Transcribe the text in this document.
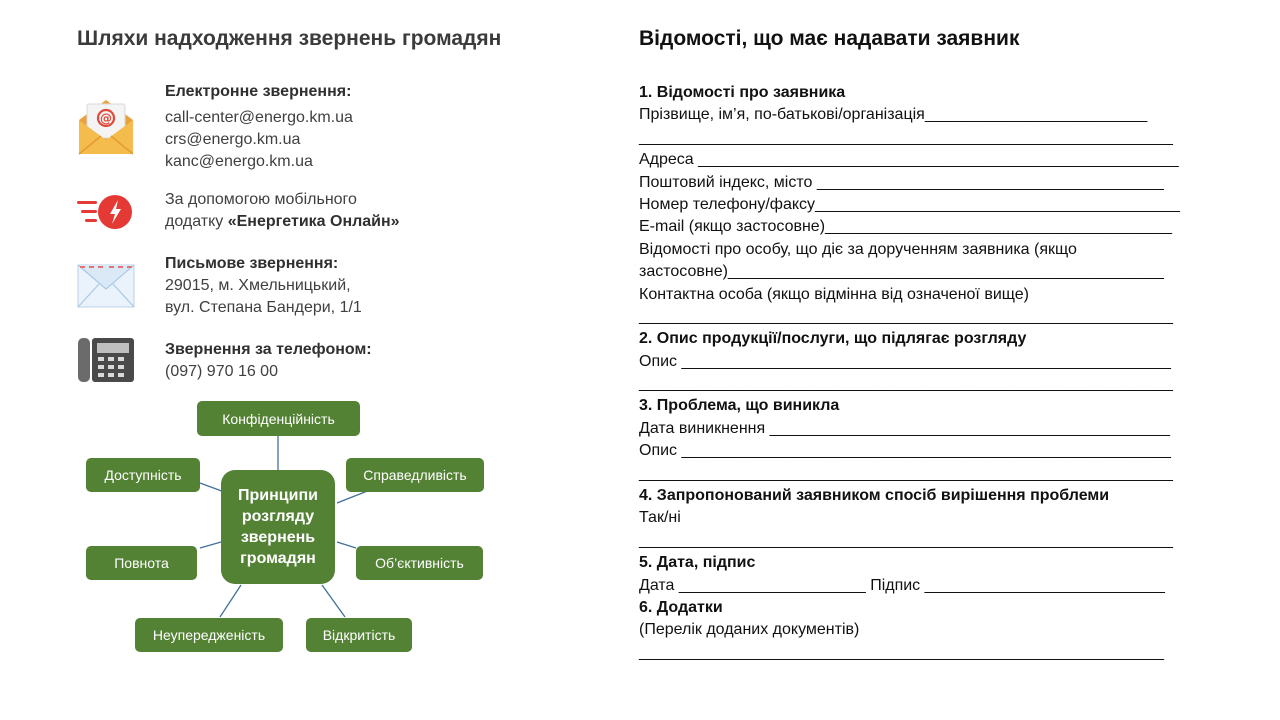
Шляхи надходження звернень громадян
@
Електронне звернення:
call-center@energo.km.ua
crs@energo.km.ua
kanc@energo.km.ua
За допомогою мобільного
додатку «Енергетика Онлайн»
Письмове звернення:
29015, м. Хмельницький,
вул. Степана Бандери, 1/1
Звернення за телефоном:
(097) 970 16 00
Принципи
розгляду
звернень
громадян
Конфіденційність
Справедливість
Об’єктивність
Відкритість
Неупередженість
Повнота
Доступність
Відомості, що має надавати заявник
1. Відомості про заявника
Прізвище, ім’я, по-батькові/організація_________________________
____________________________________________________________
Адреса ______________________________________________________
Поштовий індекс, місто _______________________________________
Номер телефону/факсу_________________________________________
E-mail (якщо застосовне)_______________________________________
Відомості про особу, що діє за дорученням заявника (якщо
застосовне)_________________________________________________
Контактна особа (якщо відмінна від означеної вище)
____________________________________________________________
2. Опис продукції/послуги, що підлягає розгляду
Опис _______________________________________________________
____________________________________________________________
3. Проблема, що виникла
Дата виникнення _____________________________________________
Опис _______________________________________________________
____________________________________________________________
4. Запропонований заявником спосіб вирішення проблеми
Так/ні
____________________________________________________________
5. Дата, підпис
Дата _____________________ Підпис ___________________________
6. Додатки
(Перелік доданих документів)
___________________________________________________________
